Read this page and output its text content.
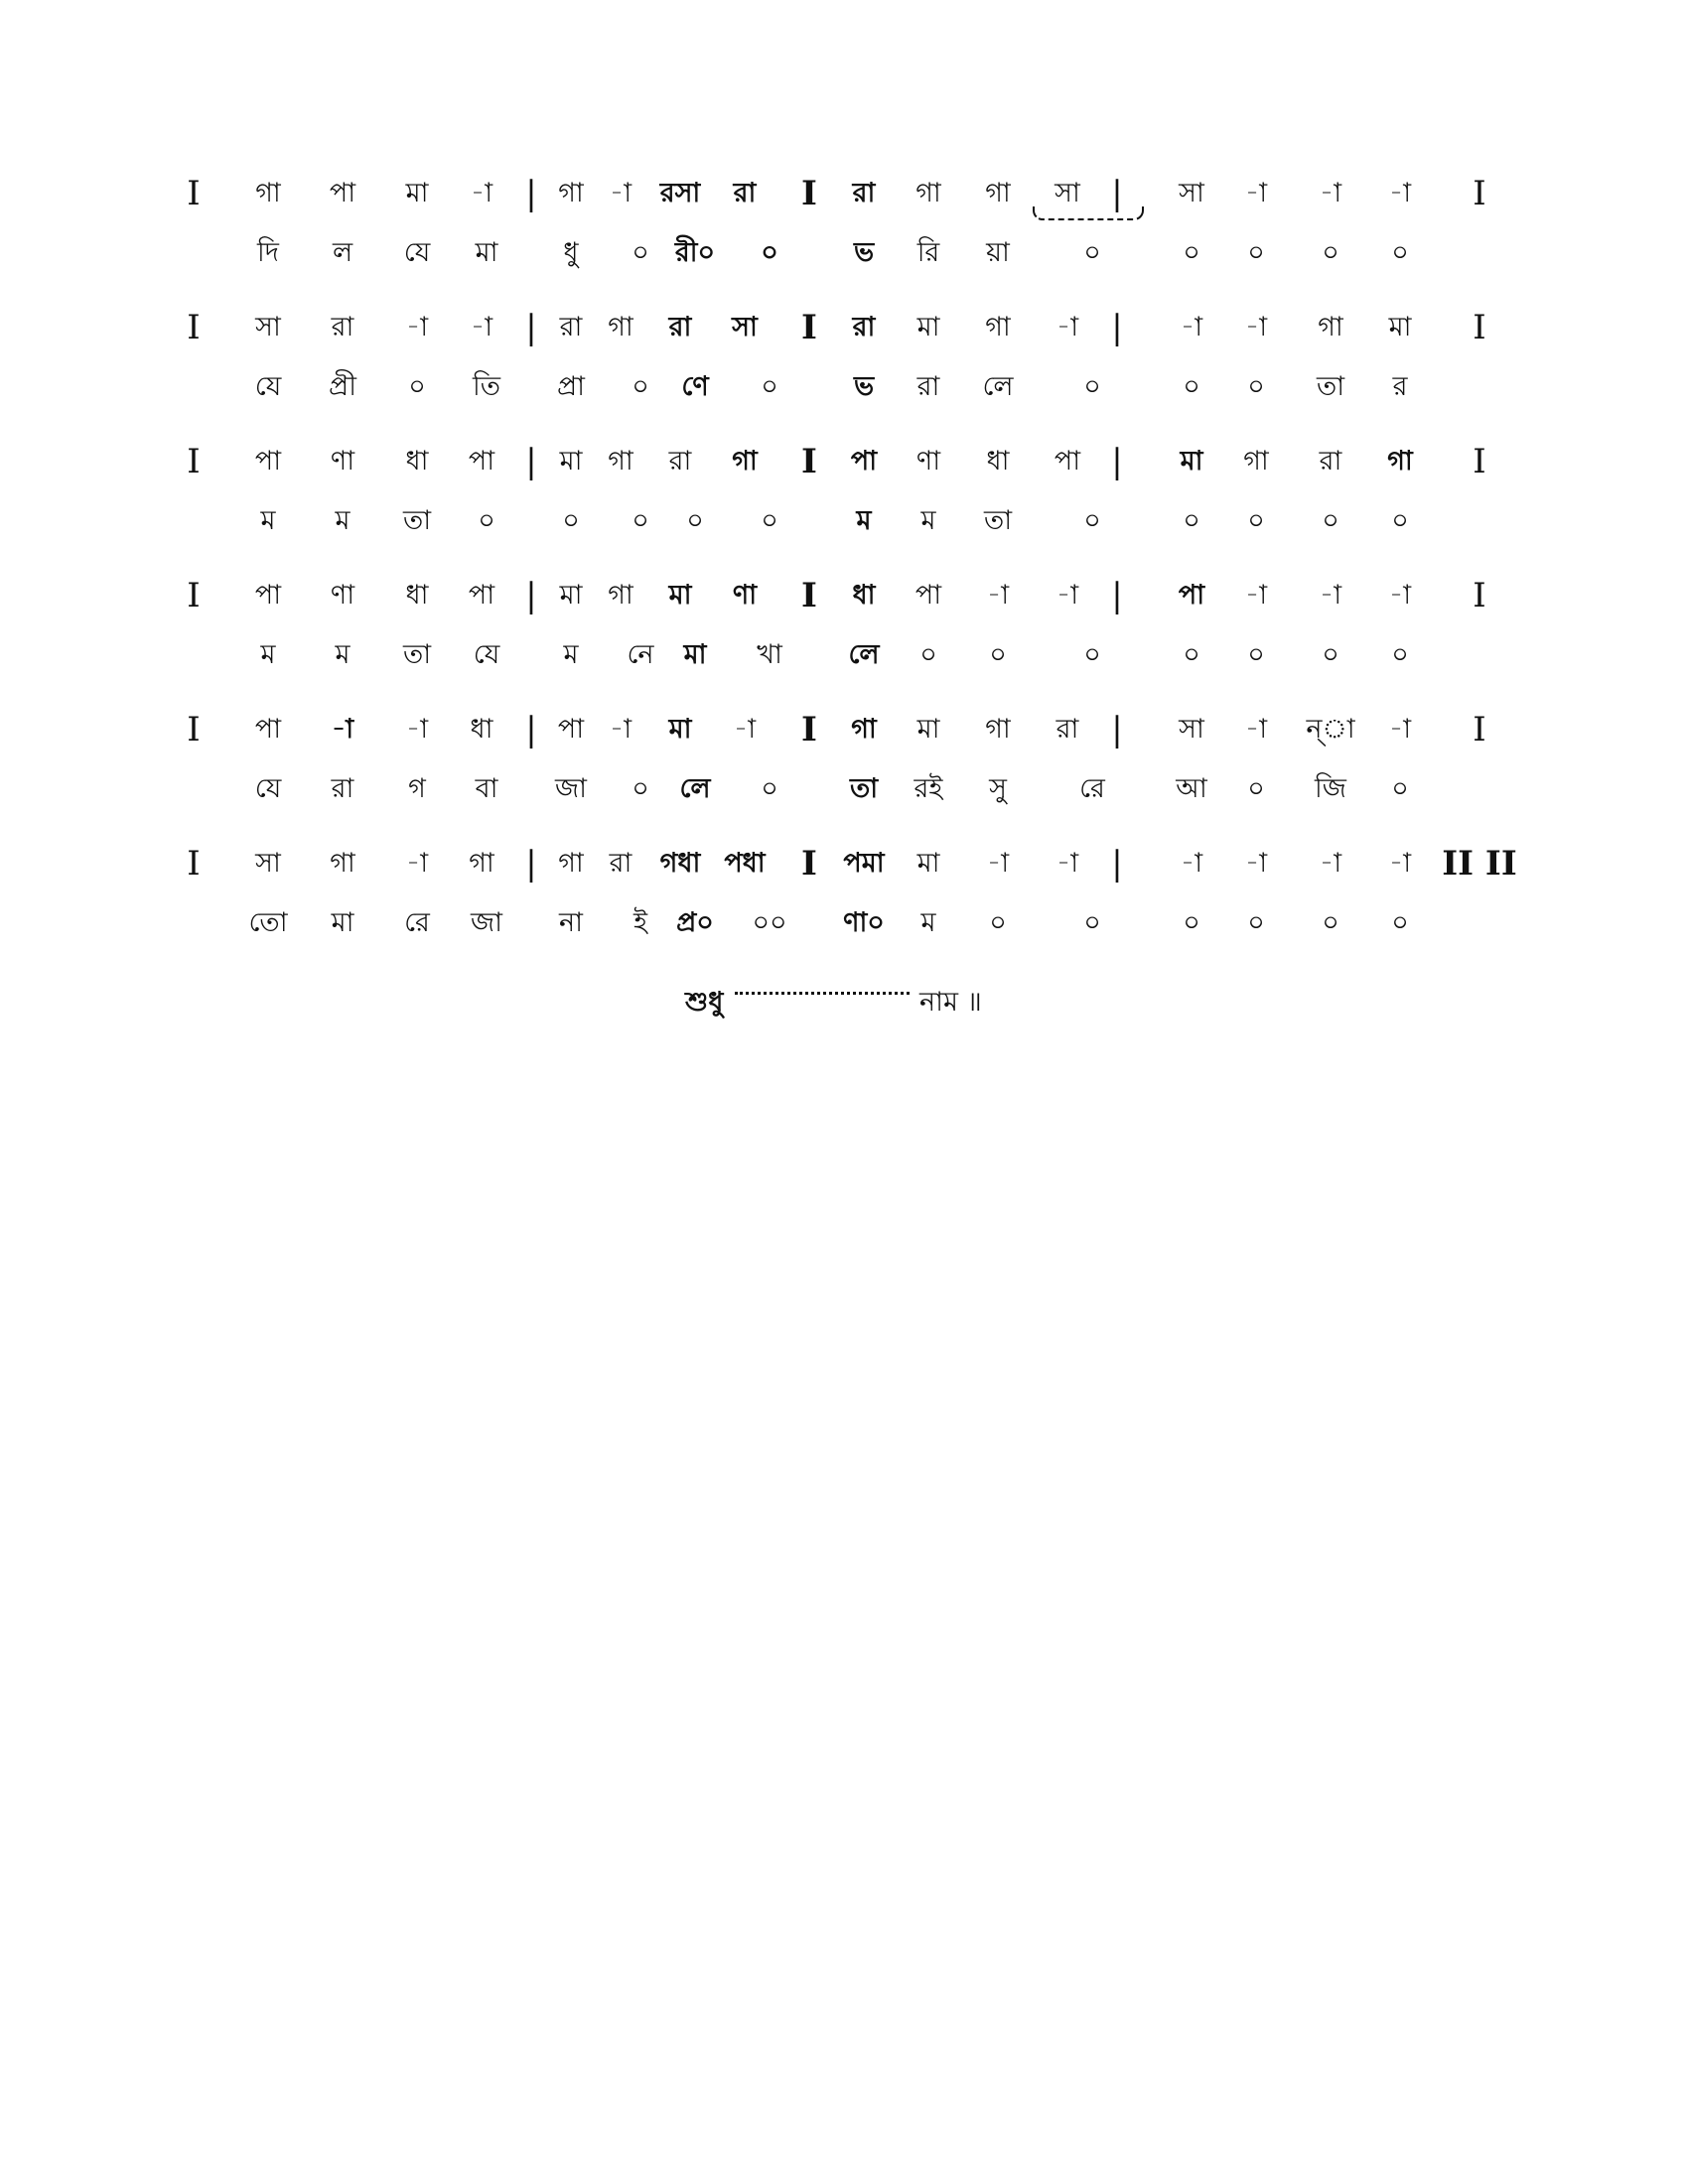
I গা পা মা -া | গা -া রসা রা I রা গা গা সা | সা -া -া -া I
দি ল যে মা ধু ০ রী০ ০	ভ রি য়া	০	০ ০ ০ ০
I সা রা -া -া | রা গা রা সা I রা মা গা -া | -া -া গা মা I
যে প্রী ০ তি প্রা ০ ণে ০	ভ রা লে	০	০ ০ তা র
I পা ণা ধা পা | মা গা রা গা I পা ণা ধা পা | মা গা রা গা I
ম ম তা ০ ০ ০ ০ ০	ম ম তা	০	০ ০ ০ ০
I পা ণা ধা পা | মা গা মা ণা I ধা পা -া -া | পা -া -া -া I
ম ম তা যে ম নে মা খা লে ০ ০	০	০ ০ ০ ০
I পা -া -া ধা | পা -া মা -া I গা মা গা রা | সা -া ন্‌া -া I
যে রা গ বা জা ০ লে ০	তা রই সু	রে	আ ০ জি ০
I সা গা -া গা | গা রা গধা পধা I পমা মা -া -া | -া -া -া -া II II
তো মা রে জা না ই প্র০ ০০ ণা০ ম ০	০	০ ০ ০ ০
শুধু	নাম ॥
